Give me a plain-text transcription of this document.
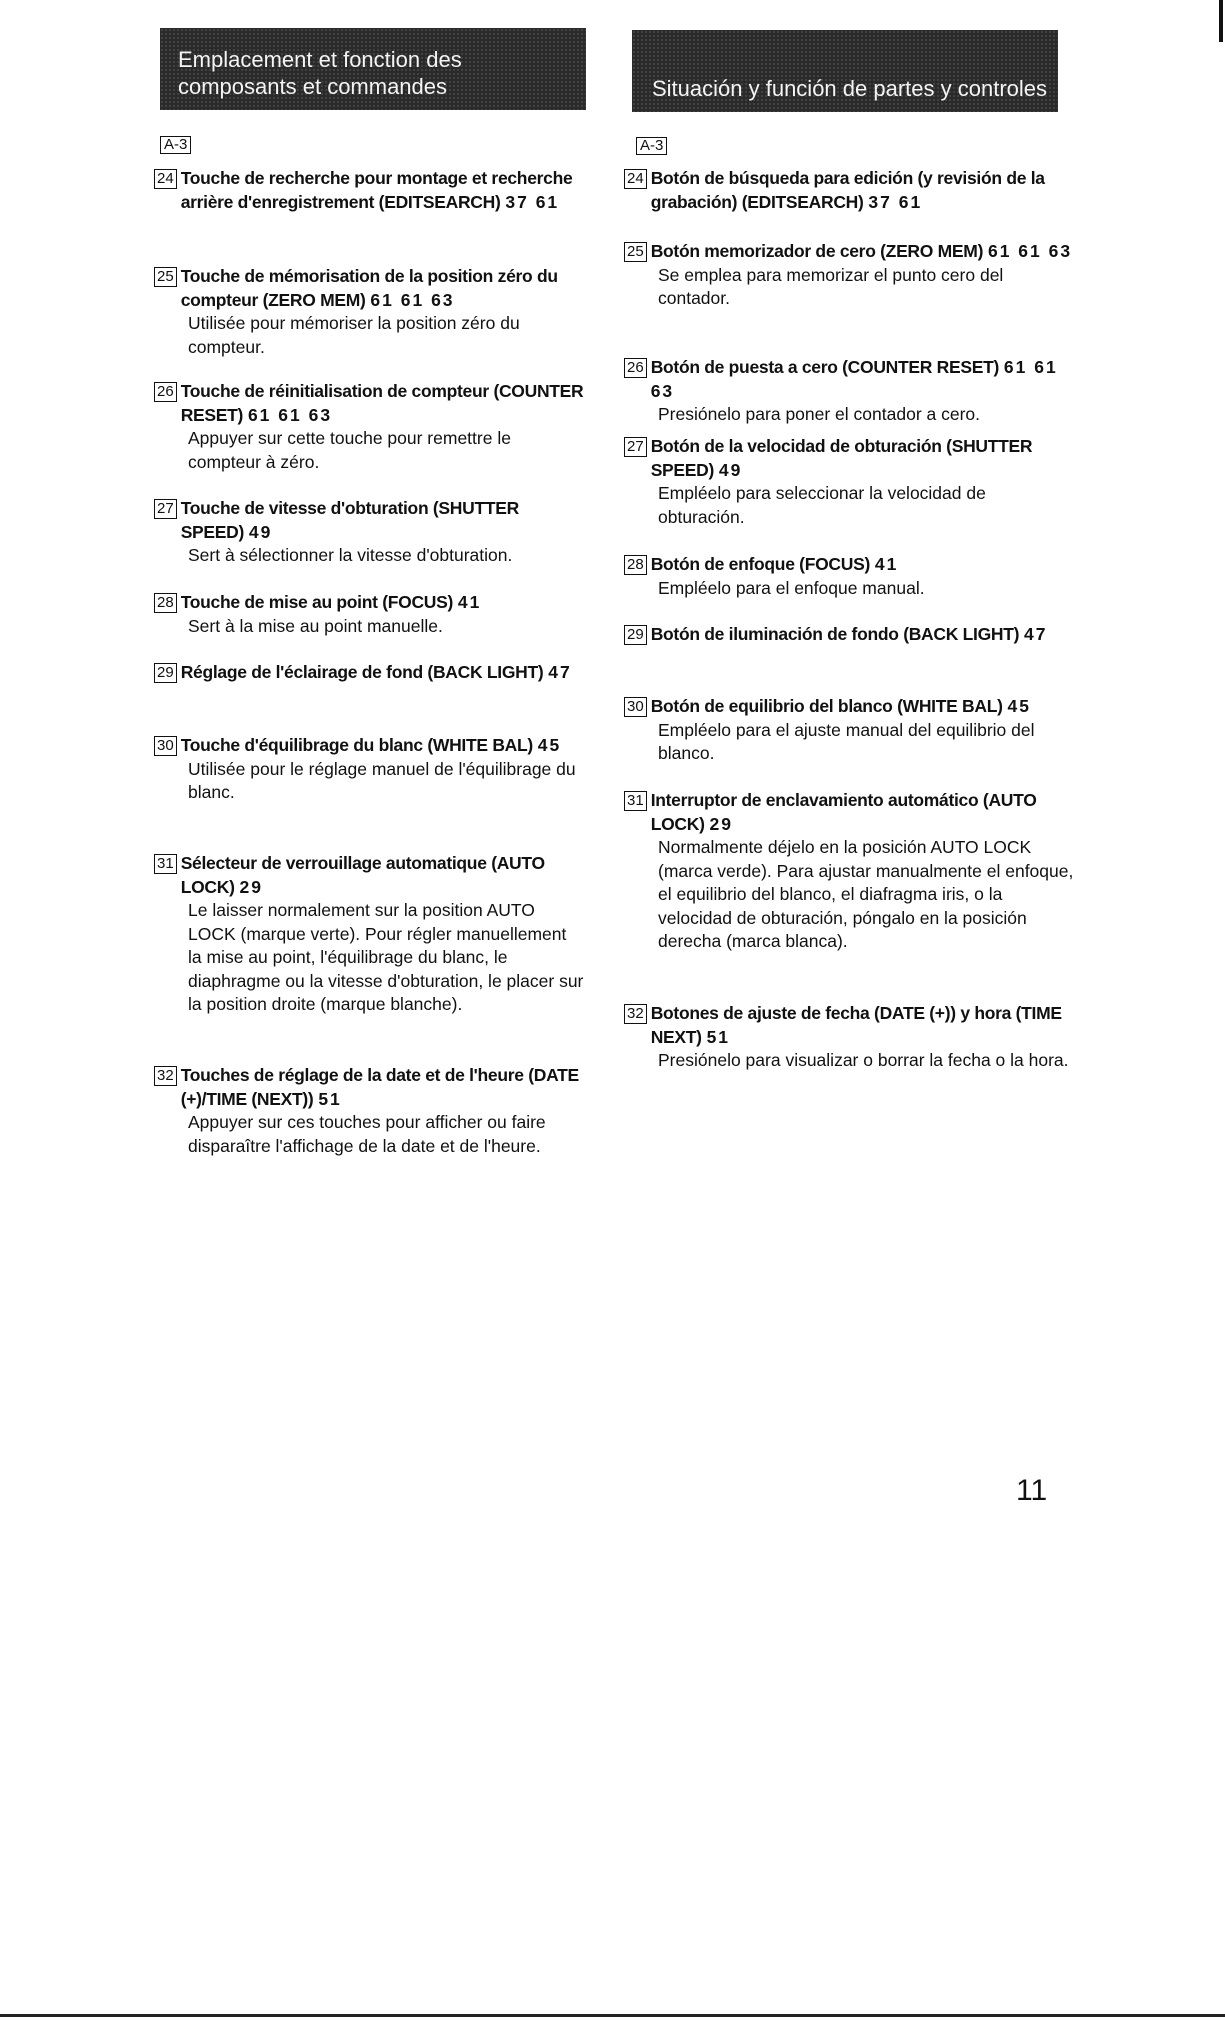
Emplacement et fonction des
composants et commandes
A-3
24 Touche de recherche pour montage et recherche arrière d'enregistrement (EDITSEARCH) 37 61
25 Touche de mémorisation de la position zéro du compteur (ZERO MEM) 61 61 63
Utilisée pour mémoriser la position zéro du compteur.
26 Touche de réinitialisation de compteur (COUNTER RESET) 61 61 63
Appuyer sur cette touche pour remettre le compteur à zéro.
27 Touche de vitesse d'obturation (SHUTTER SPEED) 49
Sert à sélectionner la vitesse d'obturation.
28 Touche de mise au point (FOCUS) 41
Sert à la mise au point manuelle.
29 Réglage de l'éclairage de fond (BACK LIGHT) 47
30 Touche d'équilibrage du blanc (WHITE BAL) 45
Utilisée pour le réglage manuel de l'équilibrage du blanc.
31 Sélecteur de verrouillage automatique (AUTO LOCK) 29
Le laisser normalement sur la position AUTO LOCK (marque verte). Pour régler manuellement la mise au point, l'équilibrage du blanc, le diaphragme ou la vitesse d'obturation, le placer sur la position droite (marque blanche).
32 Touches de réglage de la date et de l'heure (DATE (+)/TIME (NEXT)) 51
Appuyer sur ces touches pour afficher ou faire disparaître l'affichage de la date et de l'heure.
Situación y función de partes y controles
A-3
24 Botón de búsqueda para edición (y revisión de la grabación) (EDITSEARCH) 37 61
25 Botón memorizador de cero (ZERO MEM) 61 61 63
Se emplea para memorizar el punto cero del contador.
26 Botón de puesta a cero (COUNTER RESET) 61 61 63
Presiónelo para poner el contador a cero.
27 Botón de la velocidad de obturación (SHUTTER SPEED) 49
Empléelo para seleccionar la velocidad de obturación.
28 Botón de enfoque (FOCUS) 41
Empléelo para el enfoque manual.
29 Botón de iluminación de fondo (BACK LIGHT) 47
30 Botón de equilibrio del blanco (WHITE BAL) 45
Empléelo para el ajuste manual del equilibrio del blanco.
31 Interruptor de enclavamiento automático (AUTO LOCK) 29
Normalmente déjelo en la posición AUTO LOCK (marca verde). Para ajustar manualmente el enfoque, el equilibrio del blanco, el diafragma iris, o la velocidad de obturación, póngalo en la posición derecha (marca blanca).
32 Botones de ajuste de fecha (DATE (+)) y hora (TIME NEXT) 51
Presiónelo para visualizar o borrar la fecha o la hora.
11
